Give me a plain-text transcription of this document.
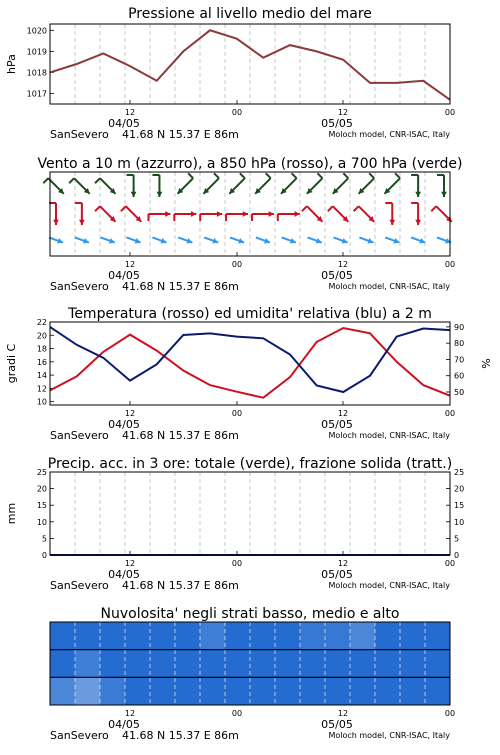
Pressione al livello medio del mare
12	00	12	00
04/05	05/05
SanSevero 41.68 N 15.37 E 86m	Moloch model, CNR-ISAC, Italy
1017
1018
1019
1020
hPa
Vento a 10 m (azzurro), a 850 hPa (rosso), a 700 hPa (verde)
12	00	12	00
04/05	05/05
SanSevero 41.68 N 15.37 E 86m	Moloch model, CNR-ISAC, Italy
Temperatura (rosso) ed umidita' relativa (blu) a 2 m
12	00	12	00
04/05	05/05
SanSevero 41.68 N 15.37 E 86m	Moloch model, CNR-ISAC, Italy
10
12
14
16
18
20
22
50
60
70
80
90
gradi C	%
Precip. acc. in 3 ore: totale (verde), frazione solida (tratt.)
12	00	12	00
04/05	05/05
SanSevero 41.68 N 15.37 E 86m	Moloch model, CNR-ISAC, Italy
0
5
10
15
20
25
0
5
10
15
20
25
mm
Nuvolosita' negli strati basso, medio e alto
12	00	12	00
04/05	05/05
SanSevero 41.68 N 15.37 E 86m	Moloch model, CNR-ISAC, Italy
